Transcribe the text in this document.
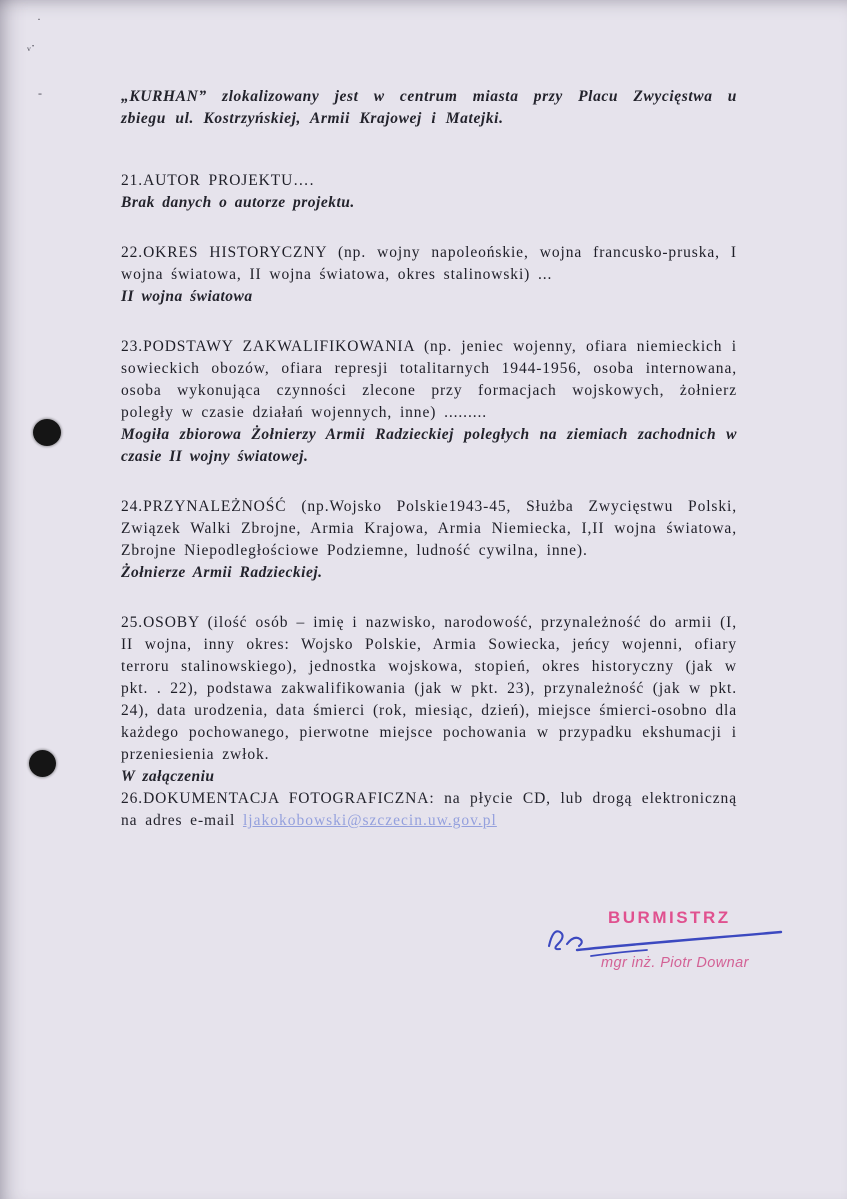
·
ᵥ·
-	„KURHAN” zlokalizowany jest w centrum miasta przy Placu Zwycięstwa u zbiegu ul. Kostrzyńskiej, Armii Krajowej i Matejki.

21.AUTOR PROJEKTU….

Brak danych o autorze projektu.

22.OKRES HISTORYCZNY (np. wojny napoleońskie, wojna francusko-pruska, I wojna światowa, II wojna światowa, okres stalinowski) ...

II wojna światowa

23.PODSTAWY ZAKWALIFIKOWANIA (np. jeniec wojenny, ofiara niemieckich i sowieckich obozów, ofiara represji totalitarnych 1944-1956, osoba internowana, osoba wykonująca czynności zlecone przy formacjach wojskowych, żołnierz poległy w czasie działań wojennych, inne) .........

Mogiła zbiorowa Żołnierzy Armii Radzieckiej poległych na ziemiach zachodnich w czasie II wojny światowej.

24.PRZYNALEŻNOŚĆ (np.Wojsko Polskie1943-45, Służba Zwycięstwu Polski, Związek Walki Zbrojne, Armia Krajowa, Armia Niemiecka, I,II wojna światowa, Zbrojne Niepodległościowe Podziemne, ludność cywilna, inne).

Żołnierze Armii Radzieckiej.

25.OSOBY (ilość osób – imię i nazwisko, narodowość, przynależność do armii (I, II wojna, inny okres: Wojsko Polskie, Armia Sowiecka, jeńcy wojenni, ofiary terroru stalinowskiego), jednostka wojskowa, stopień, okres historyczny (jak w pkt. . 22), podstawa zakwalifikowania (jak w pkt. 23), przynależność (jak w pkt. 24), data urodzenia, data śmierci (rok, miesiąc, dzień), miejsce śmierci-osobno dla każdego pochowanego, pierwotne miejsce pochowania w przypadku ekshumacji i przeniesienia zwłok.

W załączeniu

26.DOKUMENTACJA FOTOGRAFICZNA: na płycie CD, lub drogą elektroniczną na adres e-mail ljakokobowski@szczecin.uw.gov.pl

BURMISTRZ
mgr inż. Piotr Downar
